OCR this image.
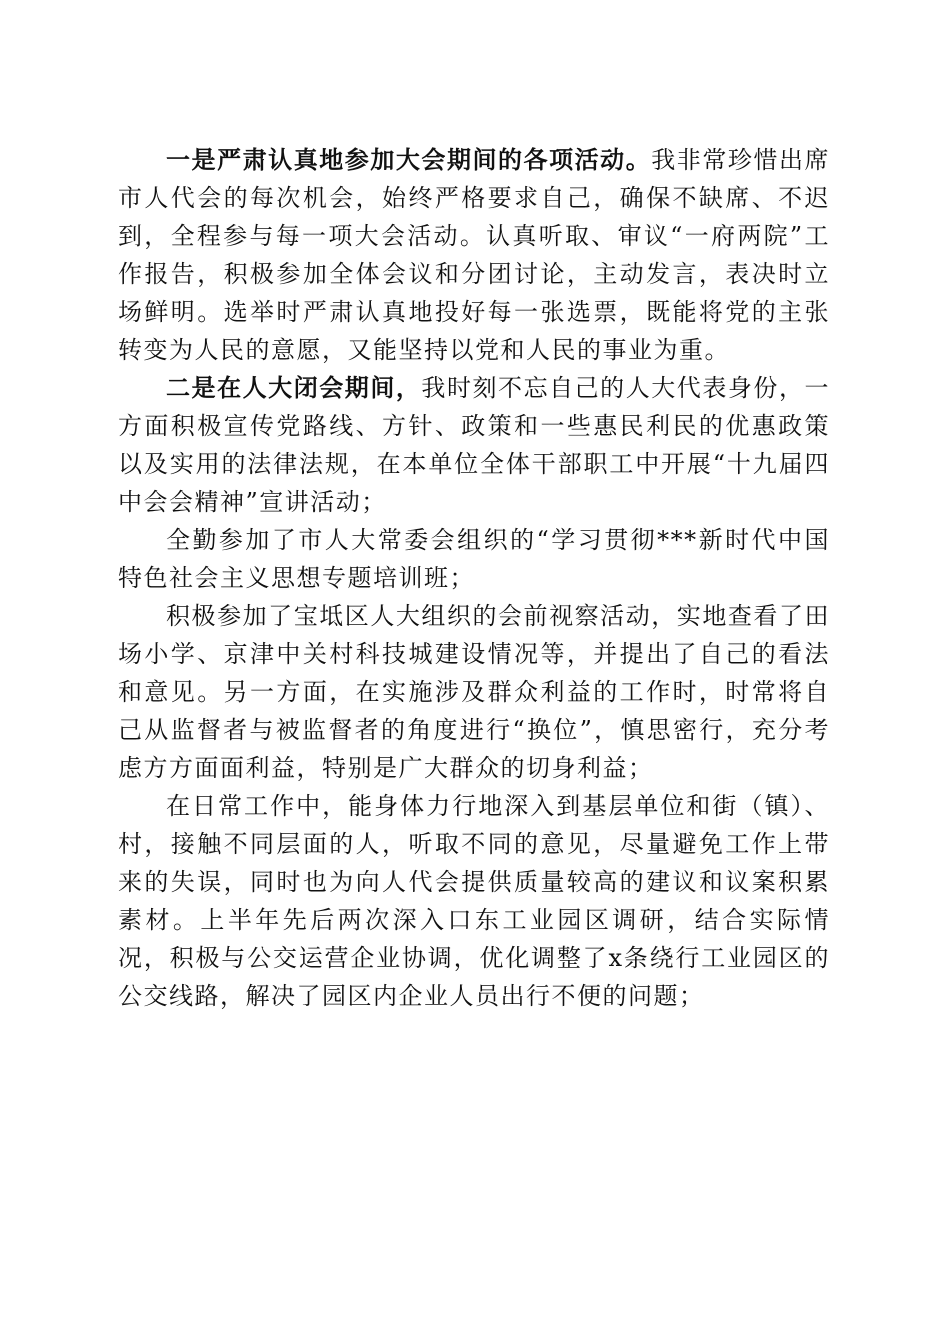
一是严肃认真地参加大会期间的各项活动。我非常珍惜出席市人代会的每次机会，始终严格要求自己，确保不缺席、不迟到，全程参与每一项大会活动。认真听取、审议“一府两院”工作报告，积极参加全体会议和分团讨论，主动发言，表决时立场鲜明。选举时严肃认真地投好每一张选票，既能将党的主张转变为人民的意愿，又能坚持以党和人民的事业为重。

二是在人大闭会期间，我时刻不忘自己的人大代表身份，一方面积极宣传党路线、方针、政策和一些惠民利民的优惠政策以及实用的法律法规，在本单位全体干部职工中开展“十九届四中会会精神”宣讲活动；

全勤参加了市人大常委会组织的“学习贯彻***新时代中国特色社会主义思想专题培训班；

积极参加了宝坻区人大组织的会前视察活动，实地查看了田场小学、京津中关村科技城建设情况等，并提出了自己的看法和意见。另一方面，在实施涉及群众利益的工作时，时常将自己从监督者与被监督者的角度进行“换位”，慎思密行，充分考虑方方面面利益，特别是广大群众的切身利益；

在日常工作中，能身体力行地深入到基层单位和街（镇）、村，接触不同层面的人，听取不同的意见，尽量避免工作上带来的失误，同时也为向人代会提供质量较高的建议和议案积累素材。上半年先后两次深入口东工业园区调研，结合实际情况，积极与公交运营企业协调，优化调整了x条绕行工业园区的公交线路，解决了园区内企业人员出行不便的问题；
